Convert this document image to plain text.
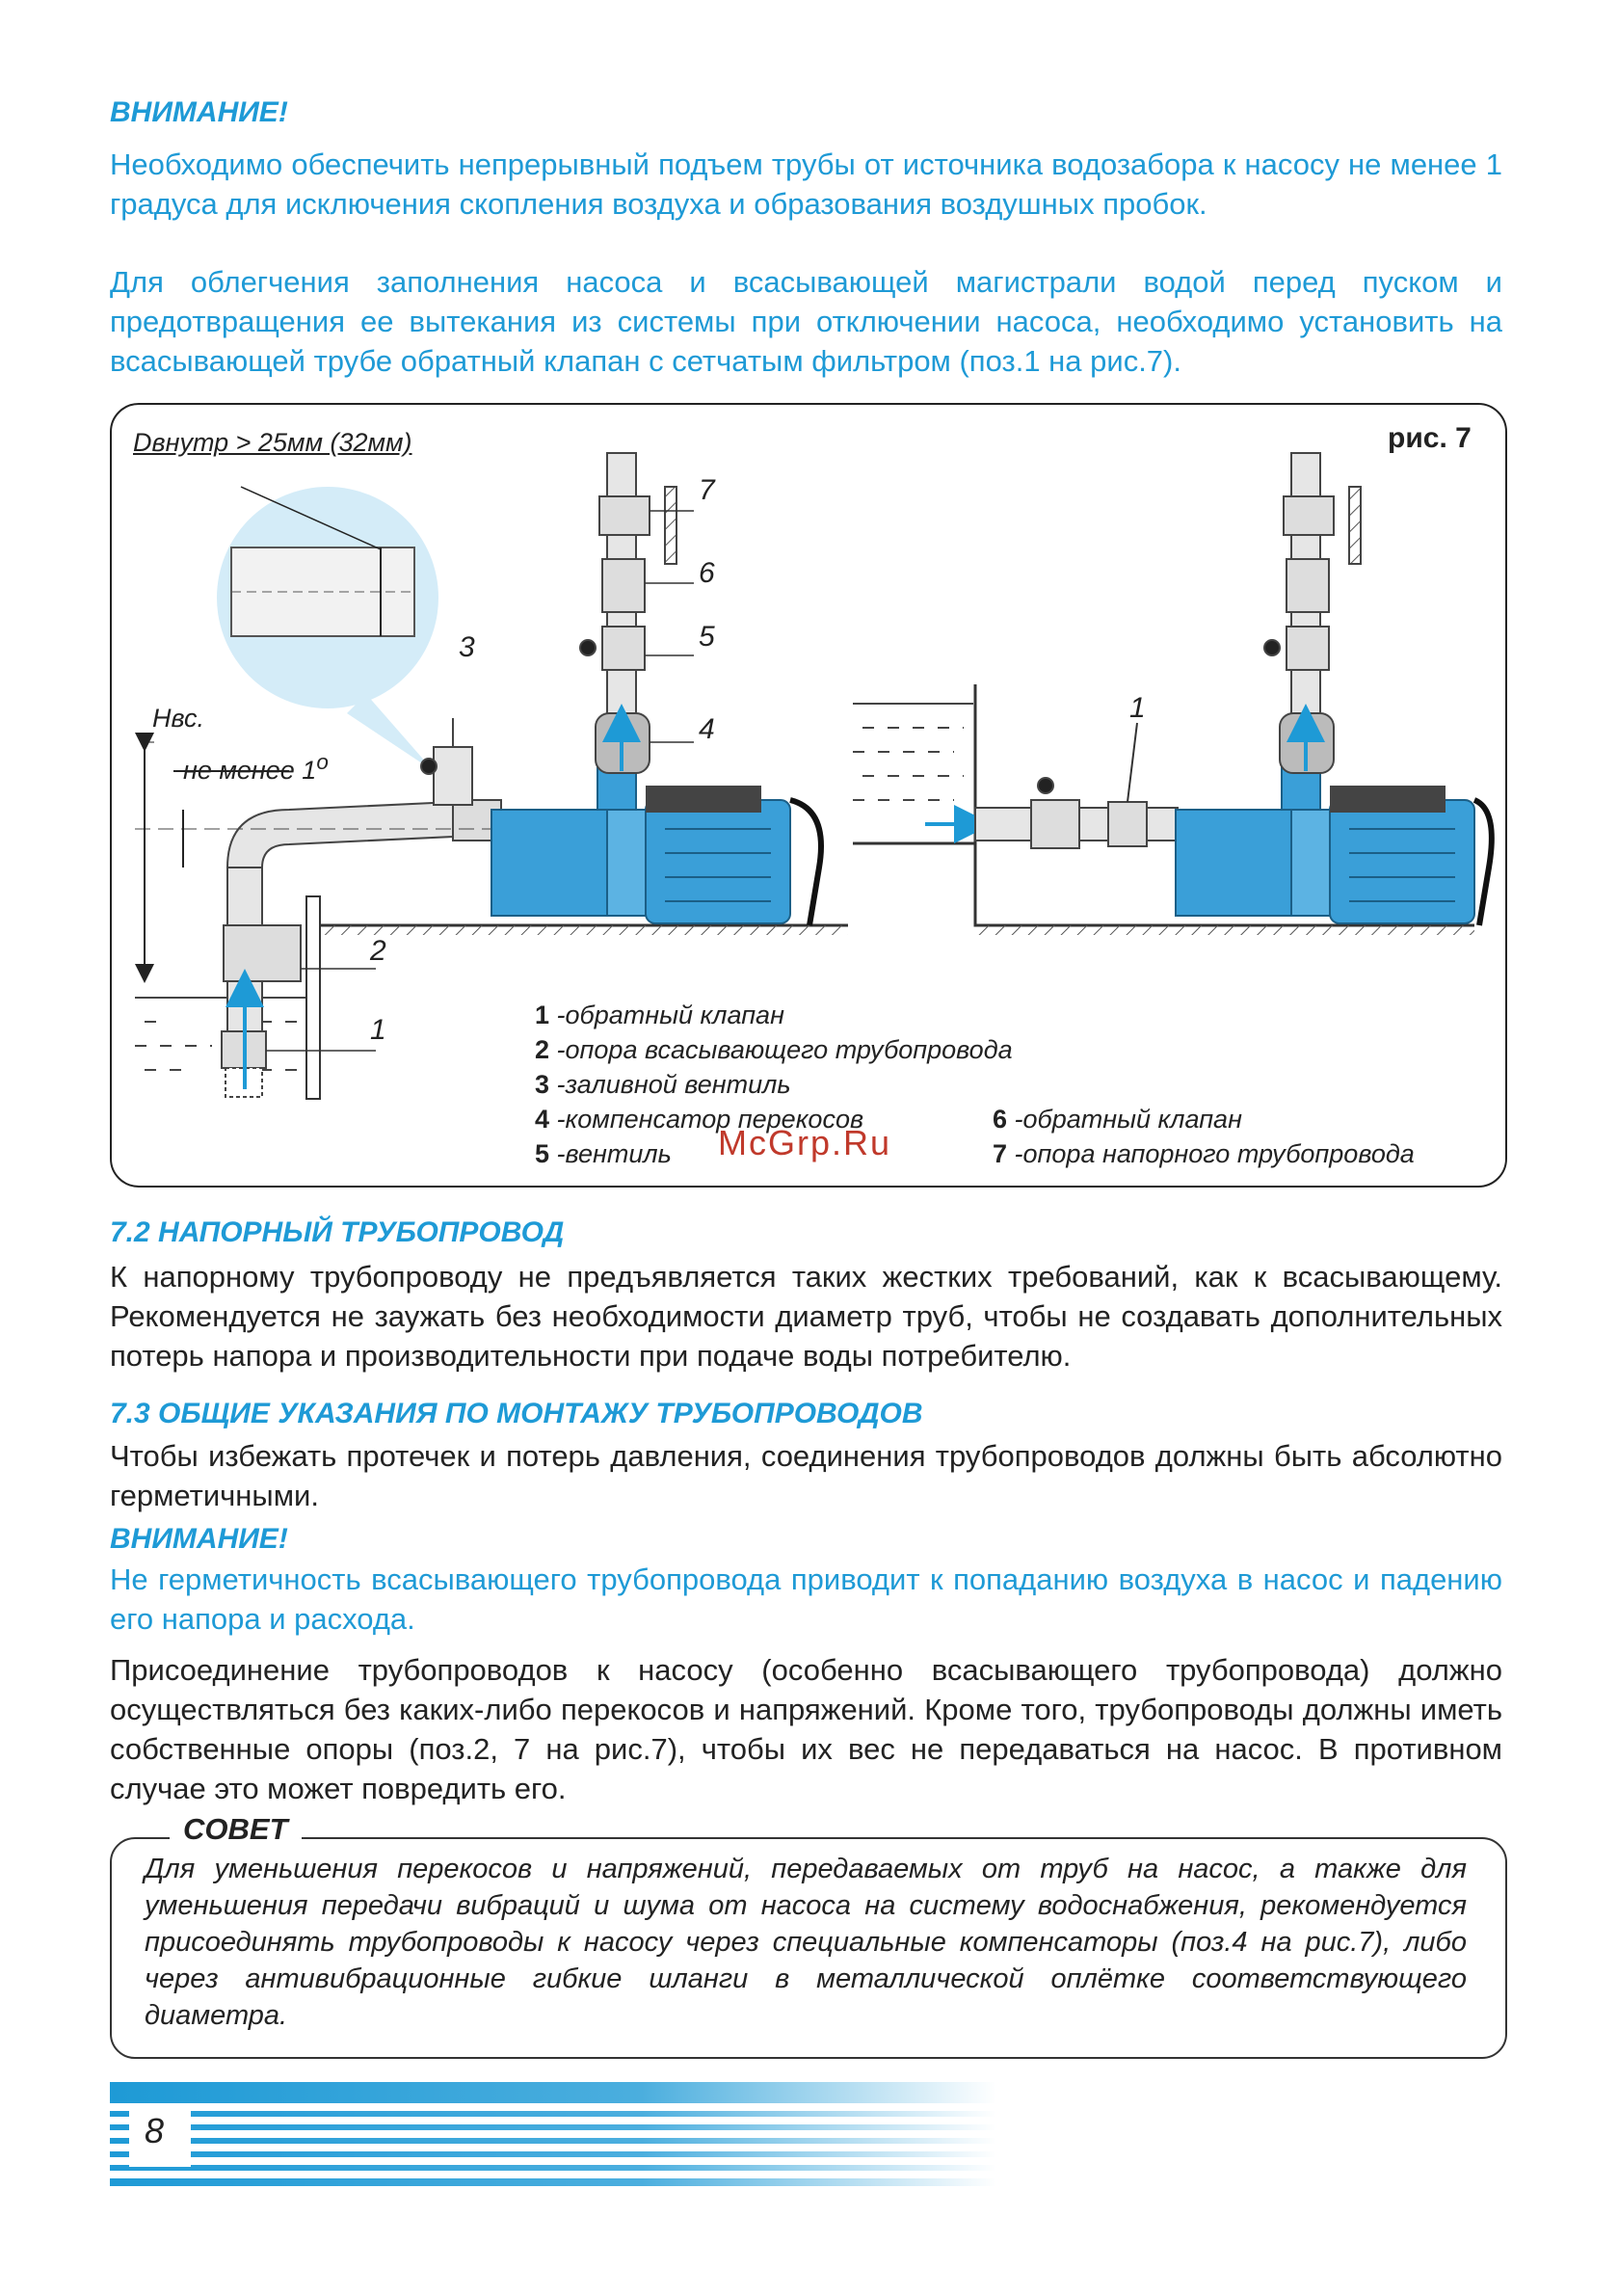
ВНИМАНИЕ!
Необходимо обеспечить непрерывный подъем трубы от источника водозабора к насосу не менее 1 градуса для исключения скопления воздуха и образования воздушных пробок.
Для облегчения заполнения насоса и всасывающей магистрали водой перед пуском и предотвращения ее вытекания из системы при отключении насоса, необходимо установить на всасывающей трубе обратный клапан с сетчатым фильтром (поз.1 на рис.7).
рис. 7
Dвнутр > 25мм (32мм)
Нвс.
не менее $1^о$
7
6
5
4
3
2
1
1
1 -обратный клапан
2 -опора всасывающего трубопровода
3 -заливной вентиль
4 -компенсатор перекосов
5 -вентиль
6 -обратный клапан
7 -опора напорного трубопровода
McGrp.Ru
7.2 НАПОРНЫЙ ТРУБОПРОВОД
К напорному трубопроводу не предъявляется таких жестких требований, как к всасывающему. Рекомендуется не заужать без необходимости диаметр труб, чтобы не создавать дополнительных потерь напора и производительности при подаче воды потребителю.
7.3 ОБЩИЕ УКАЗАНИЯ ПО МОНТАЖУ ТРУБОПРОВОДОВ
Чтобы избежать протечек и потерь давления, соединения трубопроводов должны быть абсолютно герметичными.
ВНИМАНИЕ!
Не герметичность всасывающего трубопровода приводит к попаданию воздуха в насос и падению его напора и расхода.
Присоединение трубопроводов к насосу (особенно всасывающего трубопровода) должно осуществляться без каких-либо перекосов и напряжений. Кроме того, трубопроводы должны иметь собственные опоры (поз.2, 7 на рис.7), чтобы их вес не передаваться на насос. В противном случае это может повредить его.
СОВЕТ
Для уменьшения перекосов и напряжений, передаваемых от труб на насос, а также для уменьшения передачи вибраций и шума от насоса на систему водоснабжения, рекомендуется присоединять трубопроводы к насосу через специальные компенсаторы (поз.4 на рис.7), либо через антивибрационные гибкие шланги в металлической оплётке соответствующего диаметра.
8
